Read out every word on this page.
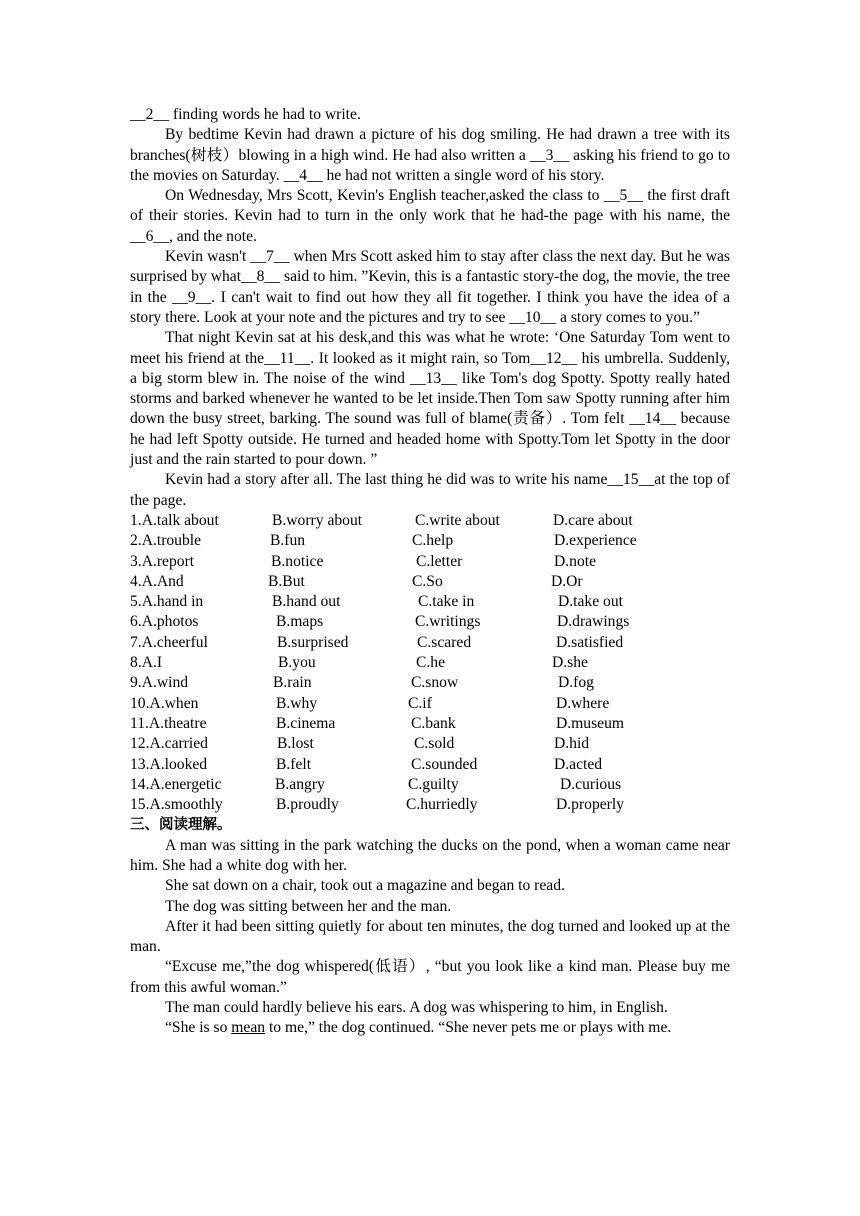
__2__ finding words he had to write.

By bedtime Kevin had drawn a picture of his dog smiling. He had drawn a tree with its branches(树枝）blowing in a high wind. He had also written a __3__ asking his friend to go to the movies on Saturday. __4__ he had not written a single word of his story.

On Wednesday, Mrs Scott, Kevin's English teacher,asked the class to __5__ the first draft of their stories. Kevin had to turn in the only work that he had-the page with his name, the __6__, and the note.

Kevin wasn't __7__ when Mrs Scott asked him to stay after class the next day. But he was surprised by what__8__ said to him. ”Kevin, this is a fantastic story-the dog, the movie, the tree in the __9__. I can't wait to find out how they all fit together. I think you have the idea of a story there. Look at your note and the pictures and try to see __10__ a story comes to you.”

That night Kevin sat at his desk,and this was what he wrote: ‘One Saturday Tom went to meet his friend at the__11__. It looked as it might rain, so Tom__12__ his umbrella. Suddenly, a big storm blew in. The noise of the wind __13__ like Tom's dog Spotty. Spotty really hated storms and barked whenever he wanted to be let inside.Then Tom saw Spotty running after him down the busy street, barking. The sound was full of blame(责备）. Tom felt __14__ because he had left Spotty outside. He turned and headed home with Spotty.Tom let Spotty in the door just and the rain started to pour down. ”

Kevin had a story after all. The last thing he did was to write his name__15__at the top of the page.

1.A.talk about	B.worry about	C.write about	D.care about
2.A.trouble	B.fun	C.help	D.experience
3.A.report	B.notice	C.letter	D.note
4.A.And	B.But	C.So	D.Or
5.A.hand in	B.hand out	C.take in	D.take out
6.A.photos	B.maps	C.writings	D.drawings
7.A.cheerful	B.surprised	C.scared	D.satisfied
8.A.I	B.you	C.he	D.she
9.A.wind	B.rain	C.snow	D.fog
10.A.when	B.why	C.if	D.where
11.A.theatre	B.cinema	C.bank	D.museum
12.A.carried	B.lost	C.sold	D.hid
13.A.looked	B.felt	C.sounded	D.acted
14.A.energetic	B.angry	C.guilty	D.curious
15.A.smoothly	B.proudly	C.hurriedly	D.properly
三、阅读理解。

A man was sitting in the park watching the ducks on the pond, when a woman came near him. She had a white dog with her.

She sat down on a chair, took out a magazine and began to read.

The dog was sitting between her and the man.

After it had been sitting quietly for about ten minutes, the dog turned and looked up at the man.

“Excuse me,”the dog whispered(低语）, “but you look like a kind man. Please buy me from this awful woman.”

The man could hardly believe his ears. A dog was whispering to him, in English.

“She is so mean to me,” the dog continued. “She never pets me or plays with me.
